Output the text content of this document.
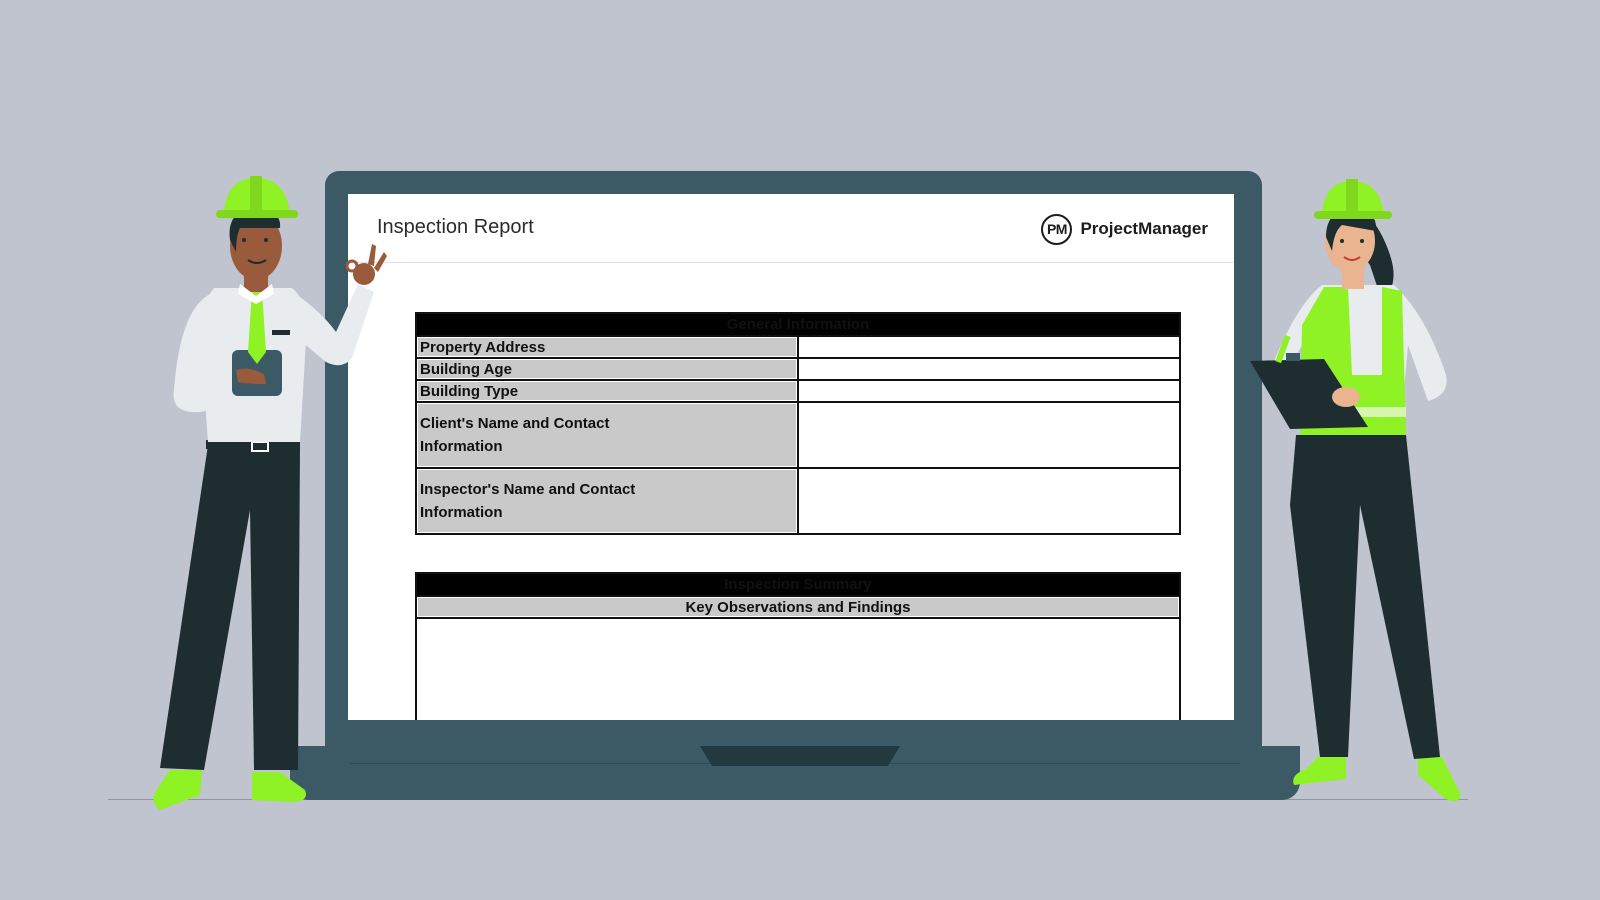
Inspection Report	PM ProjectManager
General Information	
Property Address	
Building Age	
Building Type	
Client's Name and Contact
Information	
Inspector's Name and Contact
Information	
Inspection Summary
Key Observations and Findings
